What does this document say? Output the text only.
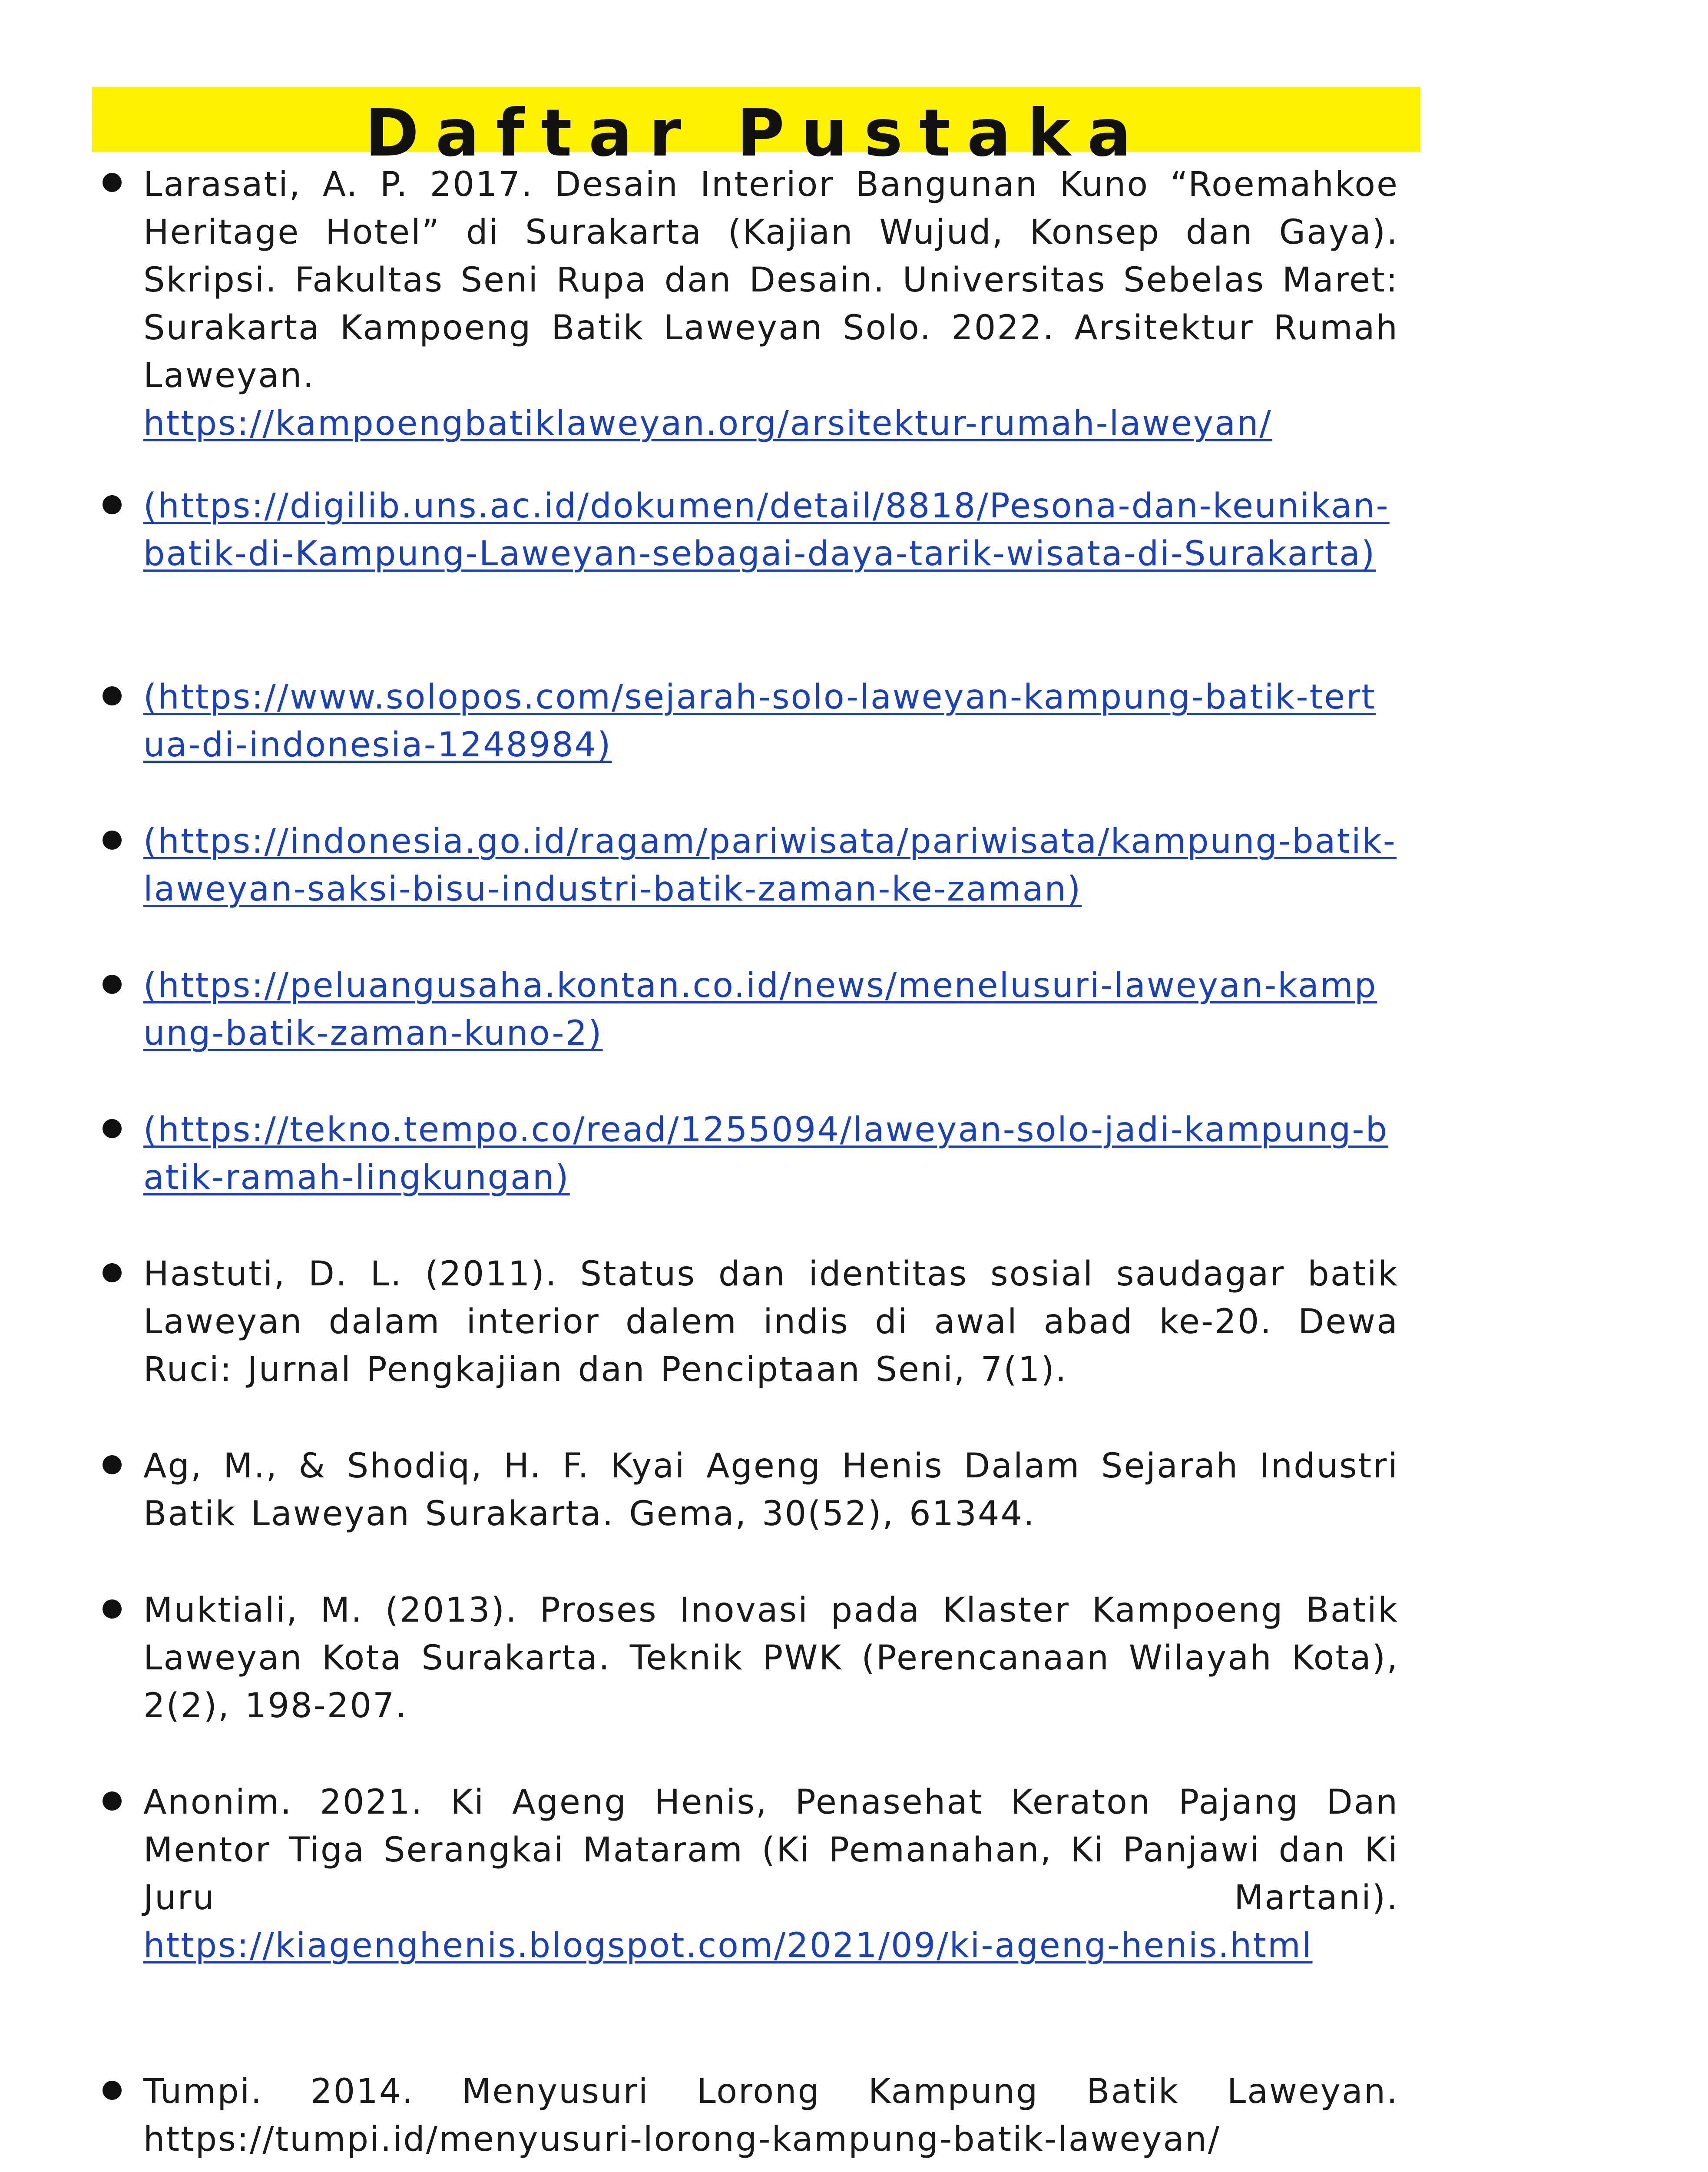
Daftar Pustaka
Larasati, A. P. 2017. Desain Interior Bangunan Kuno “Roemahkoe Heritage Hotel” di Surakarta (Kajian Wujud, Konsep dan Gaya). Skripsi. Fakultas Seni Rupa dan Desain. Universitas Sebelas Maret: Surakarta Kampoeng Batik Laweyan Solo. 2022. Arsitektur Rumah Laweyan.
https://kampoengbatiklaweyan.org/arsitektur-rumah-laweyan/
(https://digilib.uns.ac.id/dokumen/detail/8818/Pesona-dan-keunikan-batik-di-Kampung-Laweyan-sebagai-daya-tarik-wisata-di-Surakarta)
(https://www.solopos.com/sejarah-solo-laweyan-kampung-batik-tertua-di-indonesia-1248984)
(https://indonesia.go.id/ragam/pariwisata/pariwisata/kampung-batik-laweyan-saksi-bisu-industri-batik-zaman-ke-zaman)
(https://peluangusaha.kontan.co.id/news/menelusuri-laweyan-kampung-batik-zaman-kuno-2)
(https://tekno.tempo.co/read/1255094/laweyan-solo-jadi-kampung-batik-ramah-lingkungan)
Hastuti, D. L. (2011). Status dan identitas sosial saudagar batik Laweyan dalam interior dalem indis di awal abad ke-20. Dewa Ruci: Jurnal Pengkajian dan Penciptaan Seni, 7(1).
Ag, M., & Shodiq, H. F. Kyai Ageng Henis Dalam Sejarah Industri Batik Laweyan Surakarta. Gema, 30(52), 61344.
Muktiali, M. (2013). Proses Inovasi pada Klaster Kampoeng Batik Laweyan Kota Surakarta. Teknik PWK (Perencanaan Wilayah Kota), 2(2), 198-207.
Anonim. 2021. Ki Ageng Henis, Penasehat Keraton Pajang Dan Mentor Tiga Serangkai Mataram (Ki Pemanahan, Ki Panjawi dan Ki Juru Martani).
https://kiagenghenis.blogspot.com/2021/09/ki-ageng-henis.html
Tumpi. 2014. Menyusuri Lorong Kampung Batik Laweyan. https://tumpi.id/menyusuri-lorong-kampung-batik-laweyan/
